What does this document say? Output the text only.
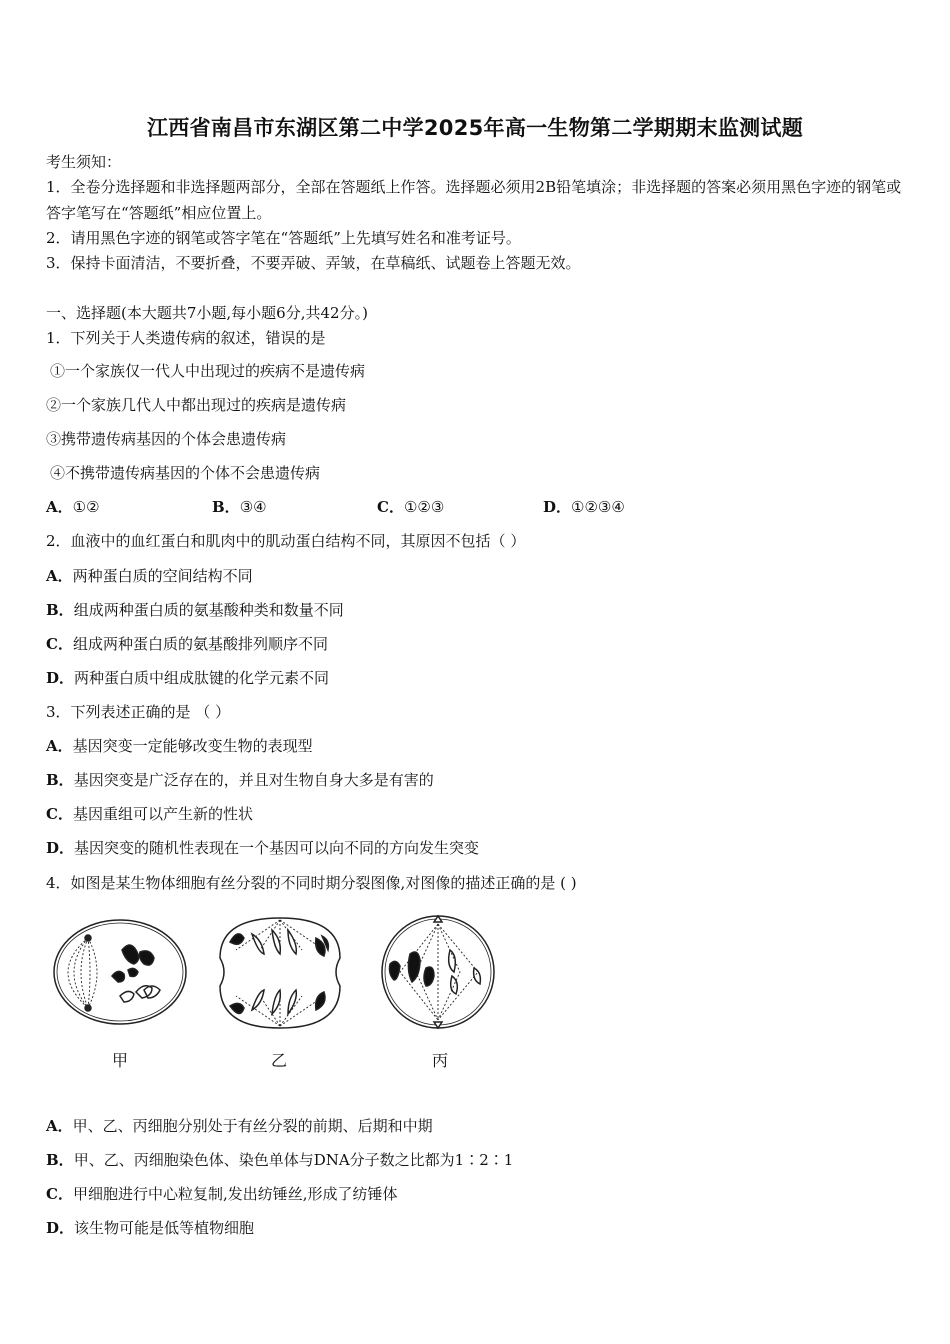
江西省南昌市东湖区第二中学2025年高一生物第二学期期末监测试题
考生须知：
1．全卷分选择题和非选择题两部分，全部在答题纸上作答。选择题必须用2B铅笔填涂；非选择题的答案必须用黑色字迹的钢笔或答字笔写在“答题纸”相应位置上。
2．请用黑色字迹的钢笔或答字笔在“答题纸”上先填写姓名和准考证号。
3．保持卡面清洁，不要折叠，不要弄破、弄皱，在草稿纸、试题卷上答题无效。
一、选择题(本大题共7小题,每小题6分,共42分。)
1．下列关于人类遗传病的叙述，错误的是
①一个家族仅一代人中出现过的疾病不是遗传病
②一个家族几代人中都出现过的疾病是遗传病
③携带遗传病基因的个体会患遗传病
④不携带遗传病基因的个体不会患遗传病
A．①②	B．③④	C．①②③	D．①②③④
2．血液中的血红蛋白和肌肉中的肌动蛋白结构不同，其原因不包括（ ）
A．两种蛋白质的空间结构不同
B．组成两种蛋白质的氨基酸种类和数量不同
C．组成两种蛋白质的氨基酸排列顺序不同
D．两种蛋白质中组成肽键的化学元素不同
3．下列表述正确的是 （ ）
A．基因突变一定能够改变生物的表现型
B．基因突变是广泛存在的，并且对生物自身大多是有害的
C．基因重组可以产生新的性状
D．基因突变的随机性表现在一个基因可以向不同的方向发生突变
4．如图是某生物体细胞有丝分裂的不同时期分裂图像,对图像的描述正确的是 ( )
甲	乙	丙
A．甲、乙、丙细胞分别处于有丝分裂的前期、后期和中期
B．甲、乙、丙细胞染色体、染色单体与DNA分子数之比都为1∶2∶1
C．甲细胞进行中心粒复制,发出纺锤丝,形成了纺锤体
D．该生物可能是低等植物细胞
